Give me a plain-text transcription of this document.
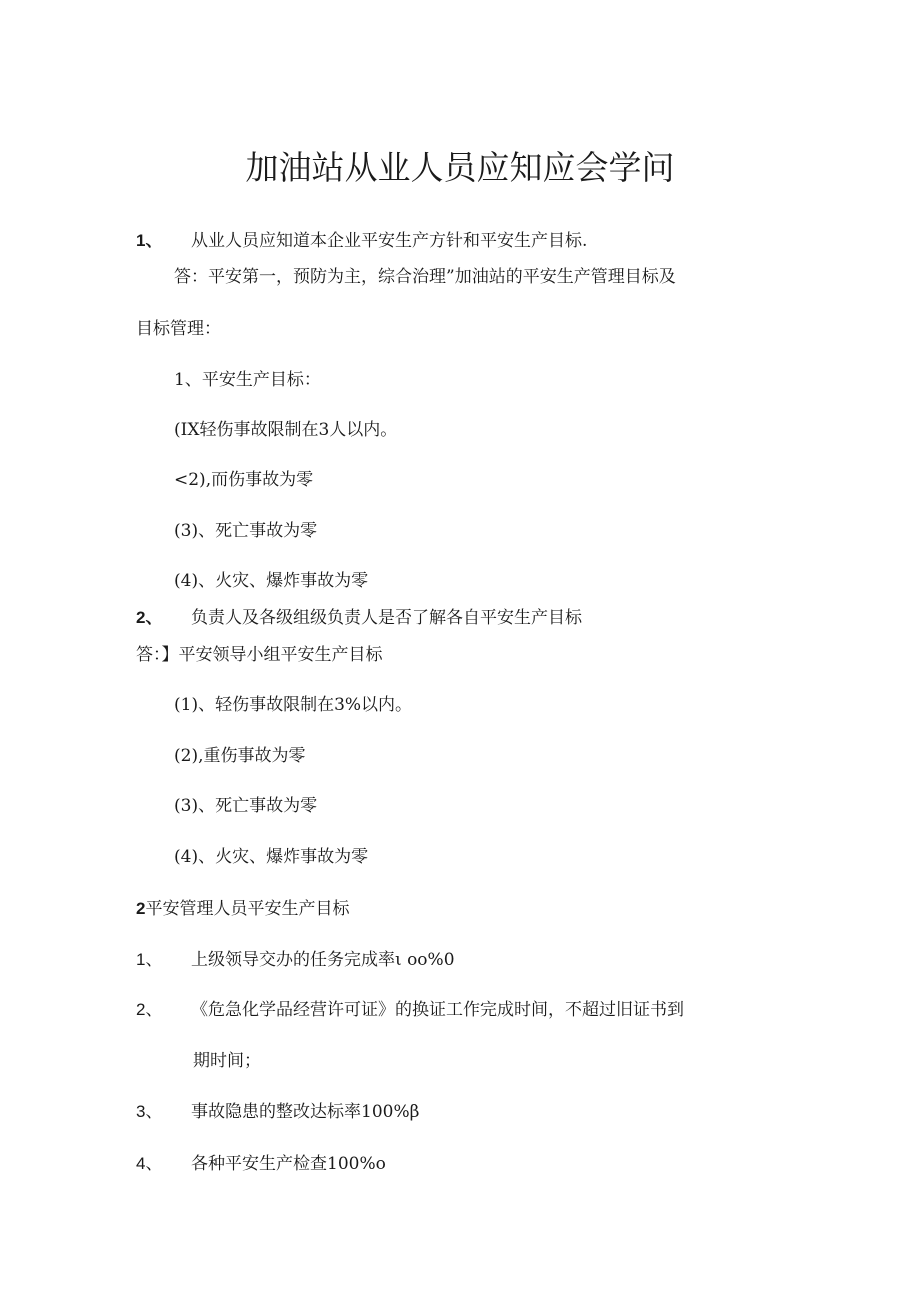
加油站从业人员应知应会学问
1、 从业人员应知道本企业平安生产方针和平安生产目标.
答：平安第一，预防为主，综合治理”加油站的平安生产管理目标及
目标管理：
1、平安生产目标：
(IX轻伤事故限制在3人以内。
<2),而伤事故为零
(3)、死亡事故为零
(4)、火灾、爆炸事故为零
2、 负责人及各级组级负责人是否了解各自平安生产目标
答：】平安领导小组平安生产目标
(1)、轻伤事故限制在3%以内。
(2),重伤事故为零
(3)、死亡事故为零
(4)、火灾、爆炸事故为零
2平安管理人员平安生产目标
1、 上级领导交办的任务完成率ι oo%0
2、 《危急化学品经营许可证》的换证工作完成时间，不超过旧证书到
期时间；
3、 事故隐患的整改达标率100%β
4、 各种平安生产检查100%o
